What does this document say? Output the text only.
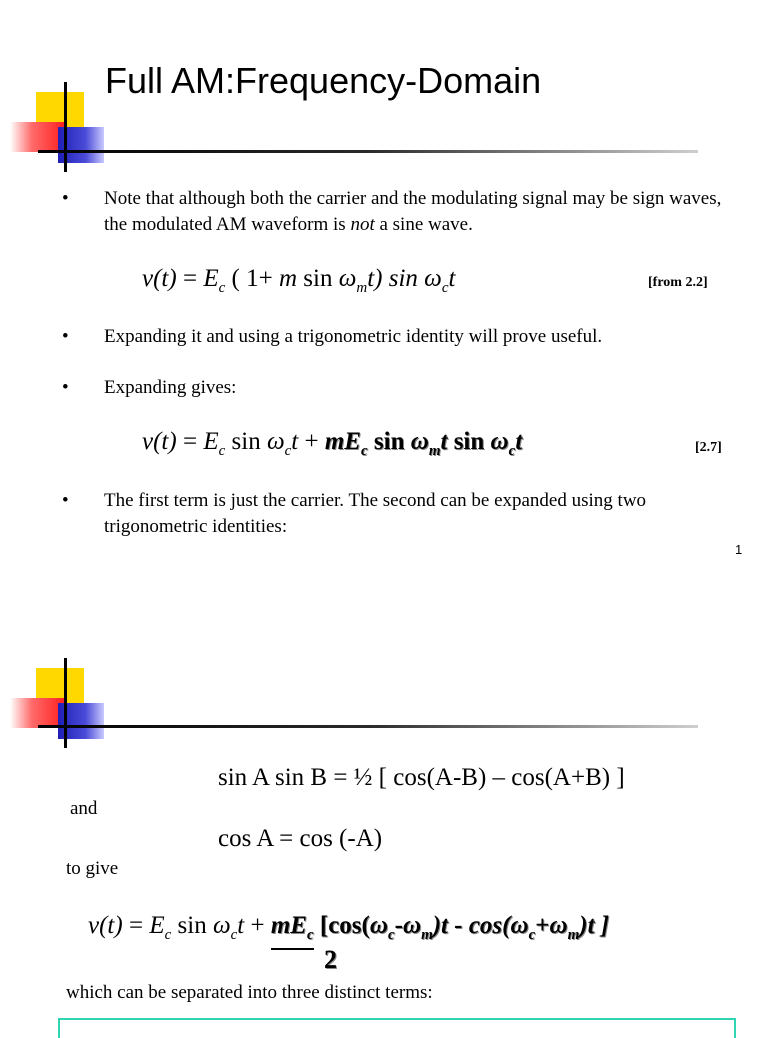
Full AM:Frequency-Domain
•	Note that although both the carrier and the modulating signal may be sign waves, the modulated AM waveform is not a sine wave.
$v(t) = E_c$ ( 1+ m $\sin \omega_mt$) $\sin \omega_ct$	[from 2.2]
•	Expanding it and using a trigonometric identity will prove useful.
•	Expanding gives:
$v(t) = E_c$ $\sin \omega_ct + mE_c$ $\sin \omega_mt$ $\sin \omega_ct$	[2.7]
•	The first term is just the carrier. The second can be expanded using two trigonometric identities:
1
sin A sin B = ½ [ cos(A-B) – cos(A+B) ]
and
cos A = cos (-A)
to give
$v(t) = E_c$ $\sin \omega_ct + mE_c$ [$\cos(\omega_c-\omega_m)t - \cos(\omega_c+\omega_m)t$ ]
2
which can be separated into three distinct terms:
